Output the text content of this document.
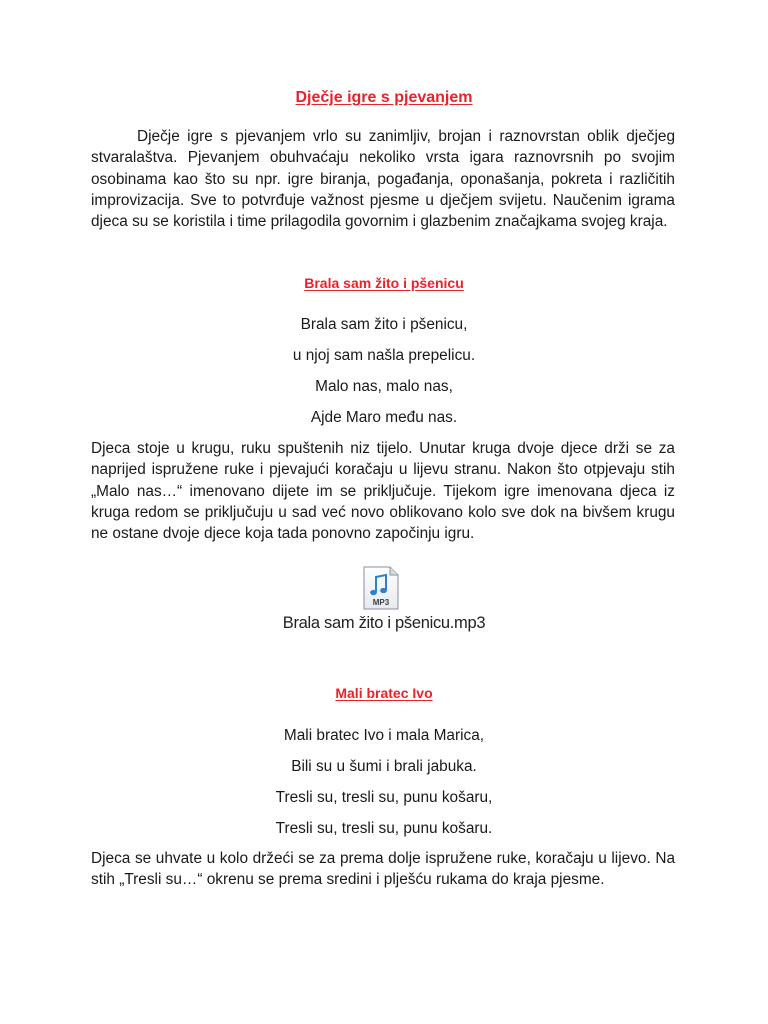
Dječje igre s pjevanjem

Dječje igre s pjevanjem vrlo su zanimljiv, brojan i raznovrstan oblik dječjeg stvaralaštva. Pjevanjem obuhvaćaju nekoliko vrsta igara raznovrsnih po svojim osobinama kao što su npr. igre biranja, pogađanja, oponašanja, pokreta i različitih improvizacija. Sve to potvrđuje važnost pjesme u dječjem svijetu. Naučenim igrama djeca su se koristila i time prilagodila govornim i glazbenim značajkama svojeg kraja.

Brala sam žito i pšenicu
Brala sam žito i pšenicu,
u njoj sam našla prepelicu.
Malo nas, malo nas,
Ajde Maro među nas.

Djeca stoje u krugu, ruku spuštenih niz tijelo. Unutar kruga dvoje djece drži se za naprijed ispružene ruke i pjevajući koračaju u lijevu stranu. Nakon što otpjevaju stih „Malo nas…“ imenovano dijete im se priključuje. Tijekom igre imenovana djeca iz kruga redom se priključuju u sad već novo oblikovano kolo sve dok na bivšem krugu ne ostane dvoje djece koja tada ponovno započinju igru.

MP3
Brala sam žito i pšenicu.mp3
Mali bratec Ivo
Mali bratec Ivo i mala Marica,
Bili su u šumi i brali jabuka.
Tresli su, tresli su, punu košaru,
Tresli su, tresli su, punu košaru.

Djeca se uhvate u kolo držeći se za prema dolje ispružene ruke, koračaju u lijevo. Na stih „Tresli su…“ okrenu se prema sredini i plješću rukama do kraja pjesme.
